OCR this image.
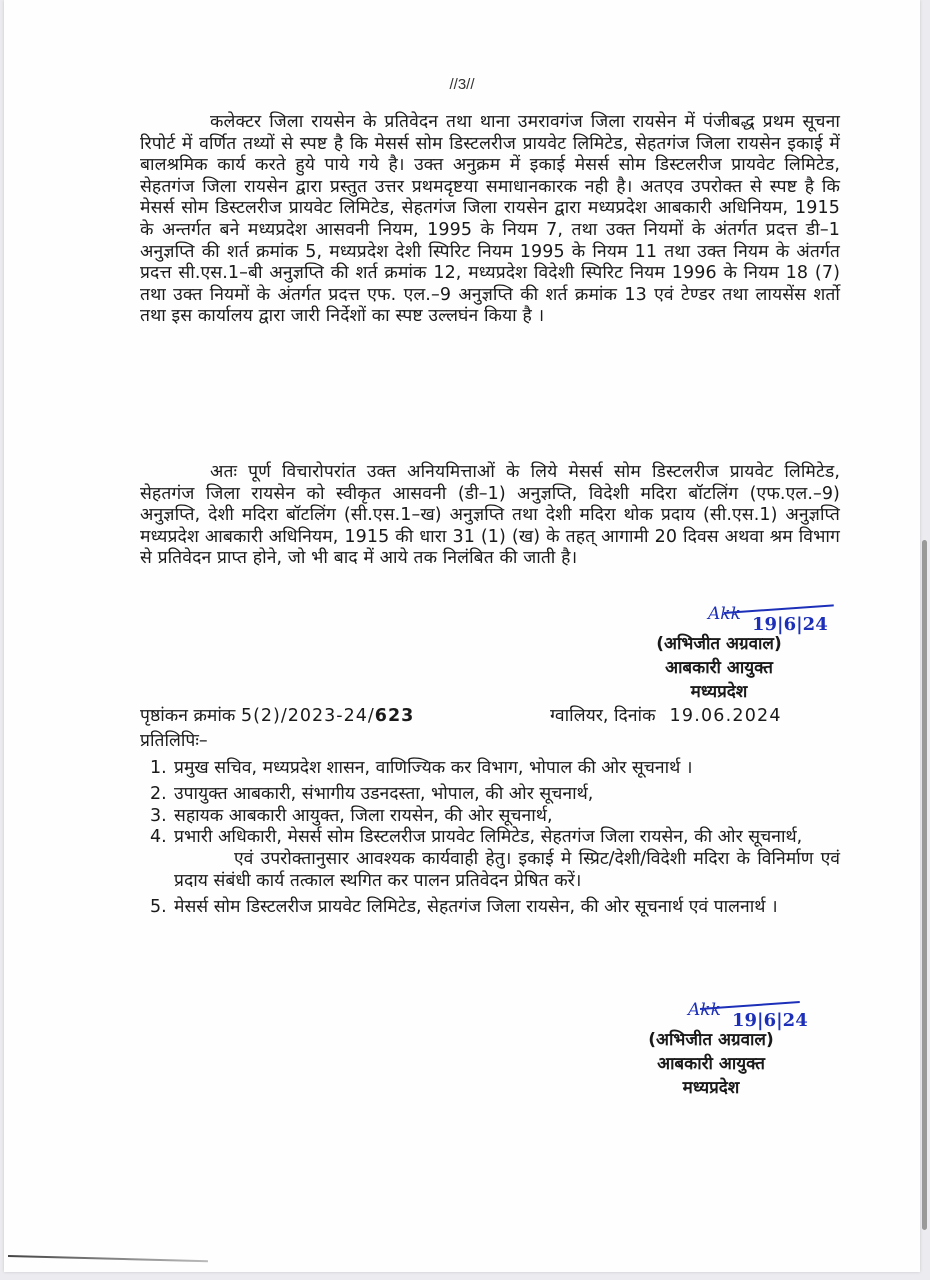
//3//
कलेक्टर जिला रायसेन के प्रतिवेदन तथा थाना उमरावगंज जिला रायसेन में पंजीबद्ध प्रथम सूचना रिपोर्ट में वर्णित तथ्यों से स्पष्ट है कि मेसर्स सोम डिस्टलरीज प्रायवेट लिमिटेड, सेहतगंज जिला रायसेन इकाई में बालश्रमिक कार्य करते हुये पाये गये है। उक्त अनुक्रम में इकाई मेसर्स सोम डिस्टलरीज प्रायवेट लिमिटेड, सेहतगंज जिला रायसेन द्वारा प्रस्तुत उत्तर प्रथमदृष्टया समाधानकारक नही है। अतएव उपरोक्त से स्पष्ट है कि मेसर्स सोम डिस्टलरीज प्रायवेट लिमिटेड, सेहतगंज जिला रायसेन द्वारा मध्यप्रदेश आबकारी अधिनियम, 1915 के अन्तर्गत बने मध्यप्रदेश आसवनी नियम, 1995 के नियम 7, तथा उक्त नियमों के अंतर्गत प्रदत्त डी–1 अनुज्ञप्ति की शर्त क्रमांक 5, मध्यप्रदेश देशी स्पिरिट नियम 1995 के नियम 11 तथा उक्त नियम के अंतर्गत प्रदत्त सी.एस.1–बी अनुज्ञप्ति की शर्त क्रमांक 12, मध्यप्रदेश विदेशी स्पिरिट नियम 1996 के नियम 18 (7) तथा उक्त नियमों के अंतर्गत प्रदत्त एफ. एल.–9 अनुज्ञप्ति की शर्त क्रमांक 13 एवं टेण्डर तथा लायसेंस शर्तो तथा इस कार्यालय द्वारा जारी निर्देशों का स्पष्ट उल्लघंन किया है ।
अतः पूर्ण विचारोपरांत उक्त अनियमित्ताओं के लिये मेसर्स सोम डिस्टलरीज प्रायवेट लिमिटेड, सेहतगंज जिला रायसेन को स्वीकृत आसवनी (डी–1) अनुज्ञप्ति, विदेशी मदिरा बॉटलिंग (एफ.एल.–9) अनुज्ञप्ति, देशी मदिरा बॉटलिंग (सी.एस.1–ख) अनुज्ञप्ति तथा देशी मदिरा थोक प्रदाय (सी.एस.1) अनुज्ञप्ति मध्यप्रदेश आबकारी अधिनियम, 1915 की धारा 31 (1) (ख) के तहत् आगामी 20 दिवस अथवा श्रम विभाग से प्रतिवेदन प्राप्त होने, जो भी बाद में आये तक निलंबित की जाती है।
Akk 19|6|24
(अभिजीत अग्रवाल)
आबकारी आयुक्त
मध्यप्रदेश
पृष्ठांकन क्रमांक 5(2)/2023-24/623	ग्वालियर, दिनांक 19.06.2024
प्रतिलिपिः–
1. प्रमुख सचिव, मध्यप्रदेश शासन, वाणिज्यिक कर विभाग, भोपाल की ओर सूचनार्थ ।
2. उपायुक्त आबकारी, संभागीय उडनदस्ता, भोपाल, की ओर सूचनार्थ,
3. सहायक आबकारी आयुक्त, जिला रायसेन, की ओर सूचनार्थ,
4. प्रभारी अधिकारी, मेसर्स सोम डिस्टलरीज प्रायवेट लिमिटेड, सेहतगंज जिला रायसेन, की ओर सूचनार्थ,
एवं उपरोक्तानुसार आवश्यक कार्यवाही हेतु। इकाई मे स्प्रिट/देशी/विदेशी मदिरा के विनिर्माण एवं प्रदाय संबंधी कार्य तत्काल स्थगित कर पालन प्रतिवेदन प्रेषित करें।
5. मेसर्स सोम डिस्टलरीज प्रायवेट लिमिटेड, सेहतगंज जिला रायसेन, की ओर सूचनार्थ एवं पालनार्थ ।
Akk 19|6|24
(अभिजीत अग्रवाल)
आबकारी आयुक्त
मध्यप्रदेश
